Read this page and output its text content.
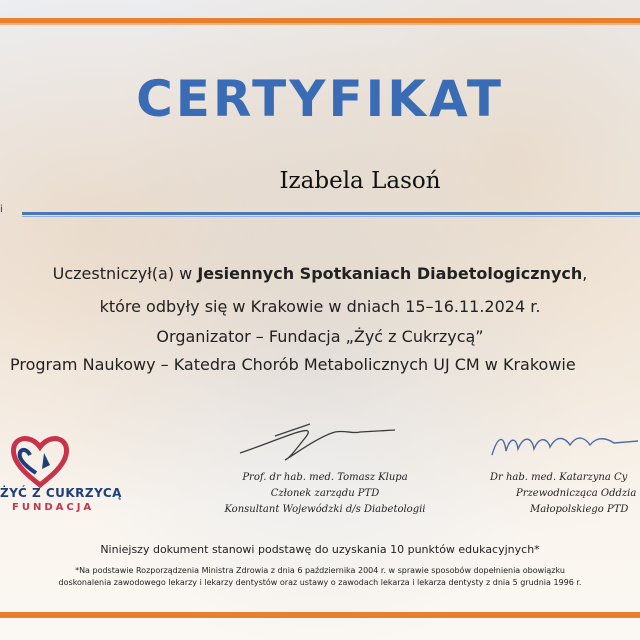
CERTYFIKAT
i
Izabela Lasoń
Uczestniczył(a) w Jesiennych Spotkaniach Diabetologicznych,
które odbyły się w Krakowie w dniach 15–16.11.2024 r.
Organizator – Fundacja „Żyć z Cukrzycą”
Program Naukowy – Katedra Chorób Metabolicznych UJ CM w Krakowie
ŻYĆ Z CUKRZYCĄ
FUNDACJA
Prof. dr hab. med. Tomasz Klupa
Członek zarządu PTD
Konsultant Wojewódzki d/s Diabetologii
Dr hab. med. Katarzyna Cy
Przewodnicząca Oddzia
Małopolskiego PTD
Niniejszy dokument stanowi podstawę do uzyskania 10 punktów edukacyjnych*
*Na podstawie Rozporządzenia Ministra Zdrowia z dnia 6 października 2004 r. w sprawie sposobów dopełnienia obowiązku
doskonalenia zawodowego lekarzy i lekarzy dentystów oraz ustawy o zawodach lekarza i lekarza dentysty z dnia 5 grudnia 1996 r.
